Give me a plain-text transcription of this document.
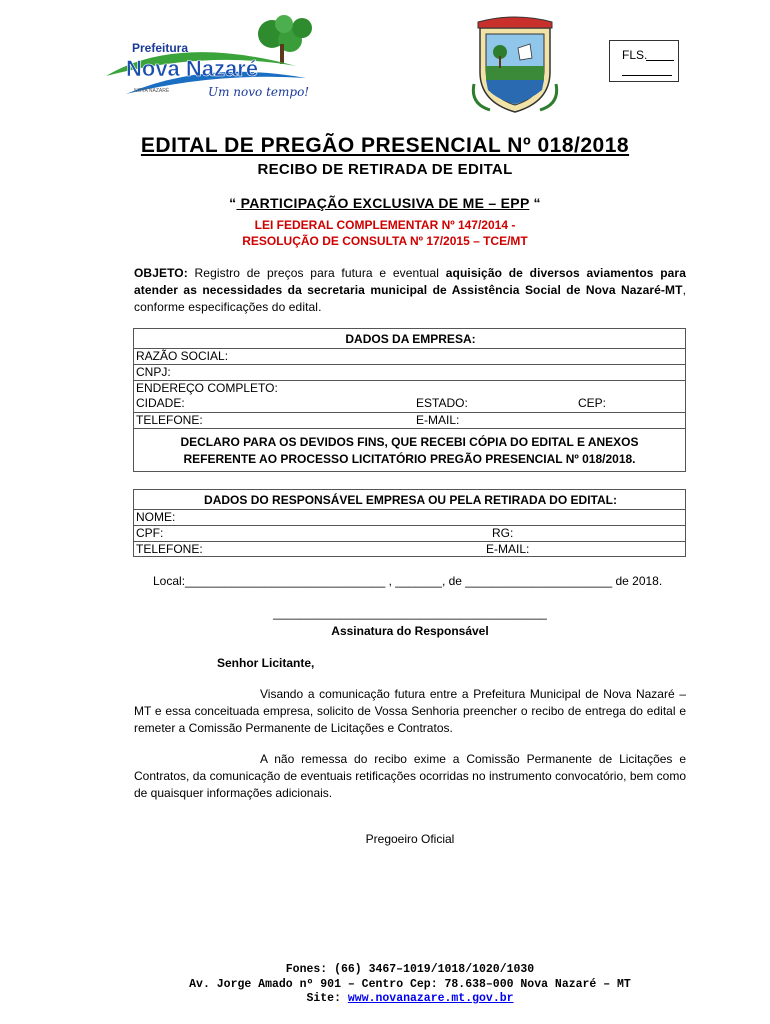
Prefeitura
Nova Nazaré
Um novo tempo!
NOVA NAZARÉ
FLS.
EDITAL DE PREGÃO PRESENCIAL Nº 018/2018
RECIBO DE RETIRADA DE EDITAL
“ PARTICIPAÇÃO EXCLUSIVA DE ME – EPP “
LEI FEDERAL COMPLEMENTAR Nº 147/2014 -
RESOLUÇÃO DE CONSULTA Nº 17/2015 – TCE/MT
OBJETO: Registro de preços para futura e eventual aquisição de diversos aviamentos para atender as necessidades da secretaria municipal de Assistência Social de Nova Nazaré-MT, conforme especificações do edital.
DADOS DA EMPRESA:
RAZÃO SOCIAL:
CNPJ:
ENDEREÇO COMPLETO:
CIDADE:	ESTADO:	CEP:
TELEFONE:	E-MAIL:
DECLARO PARA OS DEVIDOS FINS, QUE RECEBI CÓPIA DO EDITAL E ANEXOS
REFERENTE AO PROCESSO LICITATÓRIO PREGÃO PRESENCIAL Nº 018/2018.
DADOS DO RESPONSÁVEL EMPRESA OU PELA RETIRADA DO EDITAL:
NOME:
CPF:	RG:
TELEFONE:	E-MAIL:
Local:______________________________ , _______, de ______________________ de 2018.
_________________________________________
Assinatura do Responsável
Senhor Licitante,
Visando a comunicação futura entre a Prefeitura Municipal de Nova Nazaré – MT e essa conceituada empresa, solicito de Vossa Senhoria preencher o recibo de entrega do edital e remeter a Comissão Permanente de Licitações e Contratos.
A não remessa do recibo exime a Comissão Permanente de Licitações e Contratos, da comunicação de eventuais retificações ocorridas no instrumento convocatório, bem como de quaisquer informações adicionais.
Pregoeiro Oficial
Fones: (66) 3467–1019/1018/1020/1030
Av. Jorge Amado nº 901 – Centro Cep: 78.638–000 Nova Nazaré – MT
Site: www.novanazare.mt.gov.br
